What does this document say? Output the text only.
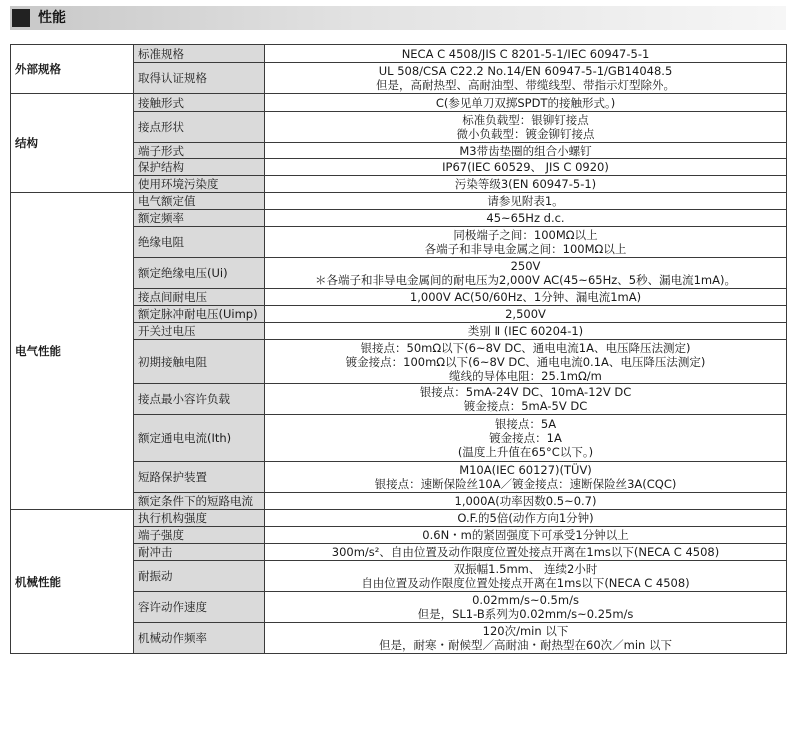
性能
外部规格	标准规格	NECA C 4508/JIS C 8201-5-1/IEC 60947-5-1

	取得认证规格	UL 508/CSA C22.2 No.14/EN 60947-5-1/GB14048.5
但是，高耐热型、高耐油型、带缆线型、带指示灯型除外。

结构	接触形式	C(参见单刀双掷SPDT的接触形式。)

	接点形状	标准负载型：银铆钉接点
微小负载型：镀金铆钉接点

	端子形式	M3带齿垫圈的组合小螺钉

	保护结构	IP67(IEC 60529、 JIS C 0920)

	使用环境污染度	污染等级3(EN 60947-5-1)

电气性能	电气额定值	请参见附表1。

	额定频率	45~65Hz d.c.

	绝缘电阻	同极端子之间：100MΩ以上
各端子和非导电金属之间：100MΩ以上

	额定绝缘电压(Ui)	250V
＊各端子和非导电金属间的耐电压为2,000V AC(45~65Hz、5秒、漏电流1mA)。

	接点间耐电压	1,000V AC(50/60Hz、1分钟、漏电流1mA)

	额定脉冲耐电压(Uimp)	2,500V

	开关过电压	类别 Ⅱ (IEC 60204-1)

	初期接触电阻	银接点：50mΩ以下(6~8V DC、通电电流1A、电压降压法测定)
镀金接点：100mΩ以下(6~8V DC、通电电流0.1A、电压降压法测定)
缆线的导体电阻：25.1mΩ/m

	接点最小容许负载	银接点：5mA-24V DC、10mA-12V DC
镀金接点：5mA-5V DC

	额定通电电流(Ith)	银接点：5A
镀金接点：1A
(温度上升值在65°C以下。)

	短路保护装置	M10A(IEC 60127)(TÜV)
银接点：速断保险丝10A／镀金接点：速断保险丝3A(CQC)

	额定条件下的短路电流	1,000A(功率因数0.5~0.7)

机械性能	执行机构强度	O.F.的5倍(动作方向1分钟)

	端子强度	0.6N・m的紧固强度下可承受1分钟以上

	耐冲击	300m/s²、自由位置及动作限度位置处接点开离在1ms以下(NECA C 4508)

	耐振动	双振幅1.5mm、 连续2小时
自由位置及动作限度位置处接点开离在1ms以下(NECA C 4508)

	容许动作速度	0.02mm/s~0.5m/s
但是，SL1-B系列为0.02mm/s~0.25m/s

	机械动作频率	120次/min 以下
但是，耐寒・耐候型／高耐油・耐热型在60次／min 以下
